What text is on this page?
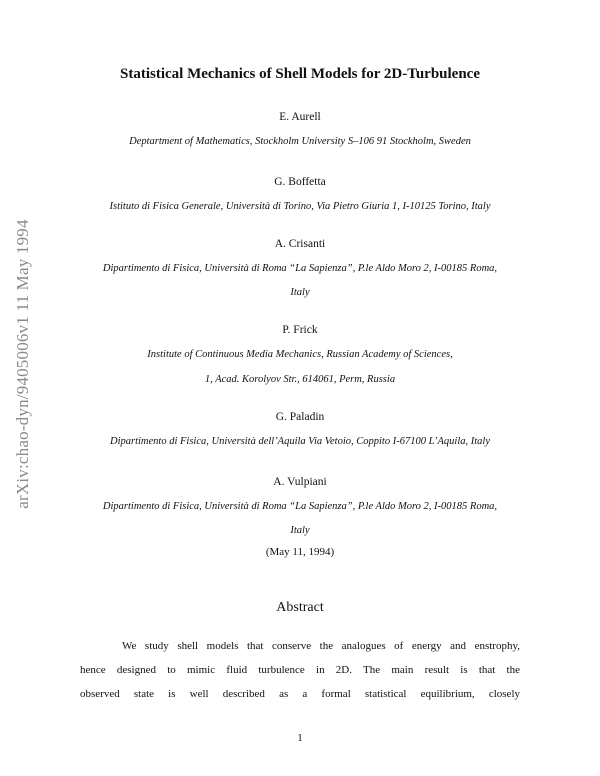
arXiv:chao-dyn/9405006v1 11 May 1994
Statistical Mechanics of Shell Models for 2D-Turbulence
E. Aurell
Deptartment of Mathematics, Stockholm University S–106 91 Stockholm, Sweden
G. Boffetta
Istituto di Fisica Generale, Università di Torino, Via Pietro Giuria 1, I-10125 Torino, Italy
A. Crisanti
Dipartimento di Fisica, Università di Roma “La Sapienza”, P.le Aldo Moro 2, I-00185 Roma,
Italy
P. Frick
Institute of Continuous Media Mechanics, Russian Academy of Sciences,
1, Acad. Korolyov Str., 614061, Perm, Russia
G. Paladin
Dipartimento di Fisica, Università dell’Aquila Via Vetoio, Coppito I-67100 L’Aquila, Italy
A. Vulpiani
Dipartimento di Fisica, Università di Roma “La Sapienza”, P.le Aldo Moro 2, I-00185 Roma,
Italy
(May 11, 1994)
Abstract
We study shell models that conserve the analogues of energy and enstrophy,
hence designed to mimic fluid turbulence in 2D. The main result is that the
observed state is well described as a formal statistical equilibrium, closely
1
